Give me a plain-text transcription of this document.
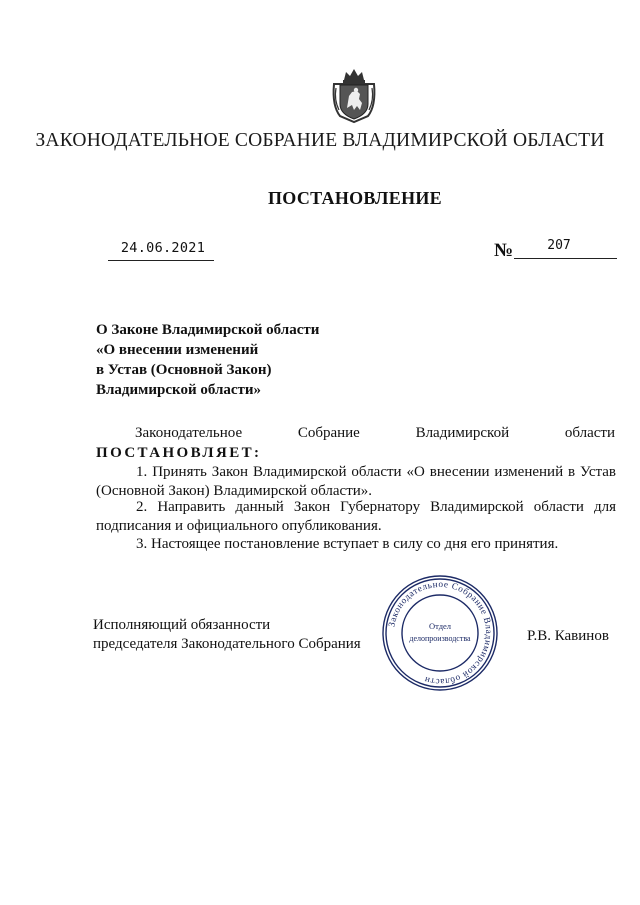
ЗАКОНОДАТЕЛЬНОЕ СОБРАНИЕ ВЛАДИМИРСКОЙ ОБЛАСТИ
ПОСТАНОВЛЕНИЕ
24.06.2021	№	207
О Законе Владимирской области
«О внесении изменений
в Устав (Основной Закон)
Владимирской области»
Законодательное	Собрание	Владимирской	области
ПОСТАНОВЛЯЕТ:
1. Принять Закон Владимирской области «О внесении изменений в Устав (Основной Закон) Владимирской области».
2. Направить данный Закон Губернатору Владимирской области для подписания и официального опубликования.
3. Настоящее постановление вступает в силу со дня его принятия.
Исполняющий обязанности
председателя Законодательного Собрания
Законодательное Собрание Владимирской области
Отдел
делопроизводства	Р.В. Кавинов
